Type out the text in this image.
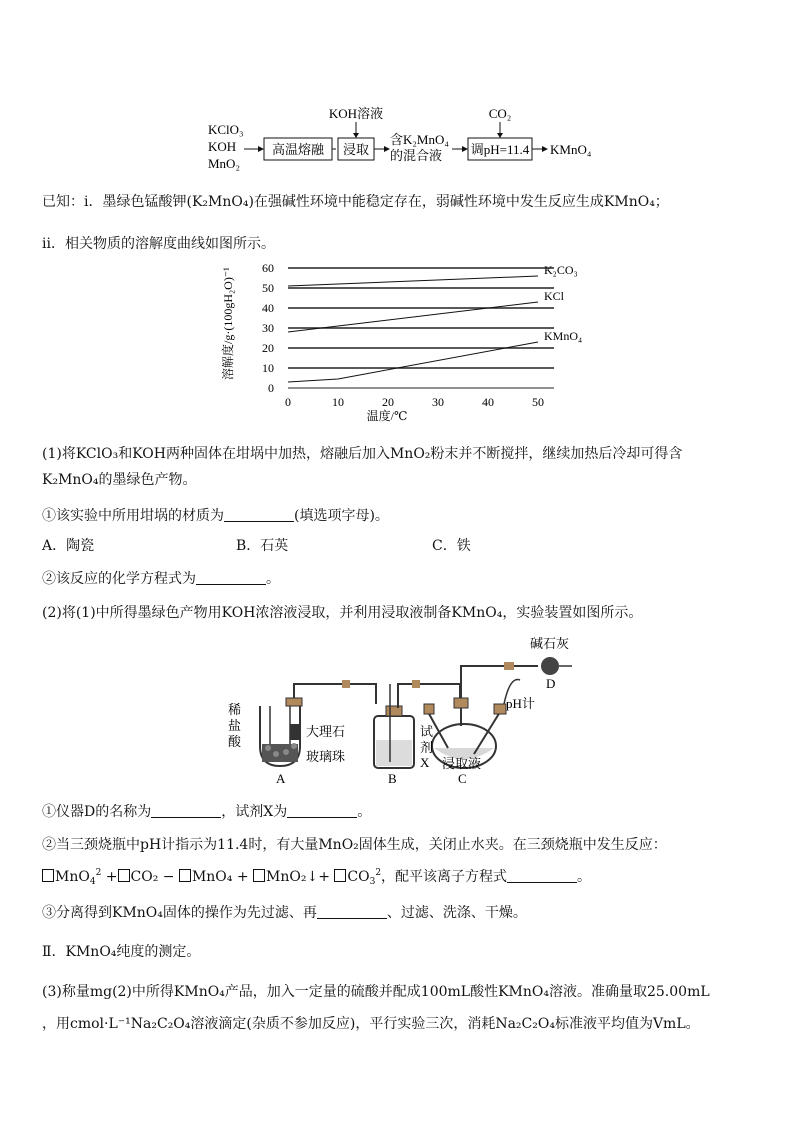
KClO₃
KOH
MnO₂
高温熔融 浸取
KOH溶液
含K₂MnO₄
的混合液 调pH=11.4
CO₂
KMnO₄
已知：i．墨绿色锰酸钾(K₂MnO₄)在强碱性环境中能稳定存在，弱碱性环境中发生反应生成KMnO₄；
ii．相关物质的溶解度曲线如图所示。
溶解度/g·(100gH₂O)⁻¹
0
10
20
30
40
50
60
0	10	20	30	40	50
K₂CO₃
KCl
KMnO₄
温度/℃
(1)将KClO₃和KOH两种固体在坩埚中加热，熔融后加入MnO₂粉末并不断搅拌，继续加热后冷却可得含
K₂MnO₄的墨绿色产物。
①该实验中所用坩埚的材质为	(填选项字母)。
A．陶瓷	B．石英	C．铁
②该反应的化学方程式为	。
(2)将(1)中所得墨绿色产物用KOH浓溶液浸取，并利用浸取液制备KMnO₄，实验装置如图所示。
稀
盐
酸
大理石
玻璃珠
试
剂
X 浸取液
碱石灰
D
pH计
A	B	C
①仪器D的名称为	，试剂X为	。
②当三颈烧瓶中pH计指示为11.4时，有大量MnO₂固体生成，关闭止水夹。在三颈烧瓶中发生反应：
MnO$_4^2$ + CO₂ − MnO₄ + MnO₂↓+ $CO_3^2$，配平该离子方程式	。
③分离得到KMnO₄固体的操作为先过滤、再	、过滤、洗涤、干燥。
Ⅱ．KMnO₄纯度的测定。
(3)称量mg(2)中所得KMnO₄产品，加入一定量的硫酸并配成100mL酸性KMnO₄溶液。准确量取25.00mL
，用cmol·L⁻¹Na₂C₂O₄溶液滴定(杂质不参加反应)，平行实验三次，消耗Na₂C₂O₄标准液平均值为VmL。
